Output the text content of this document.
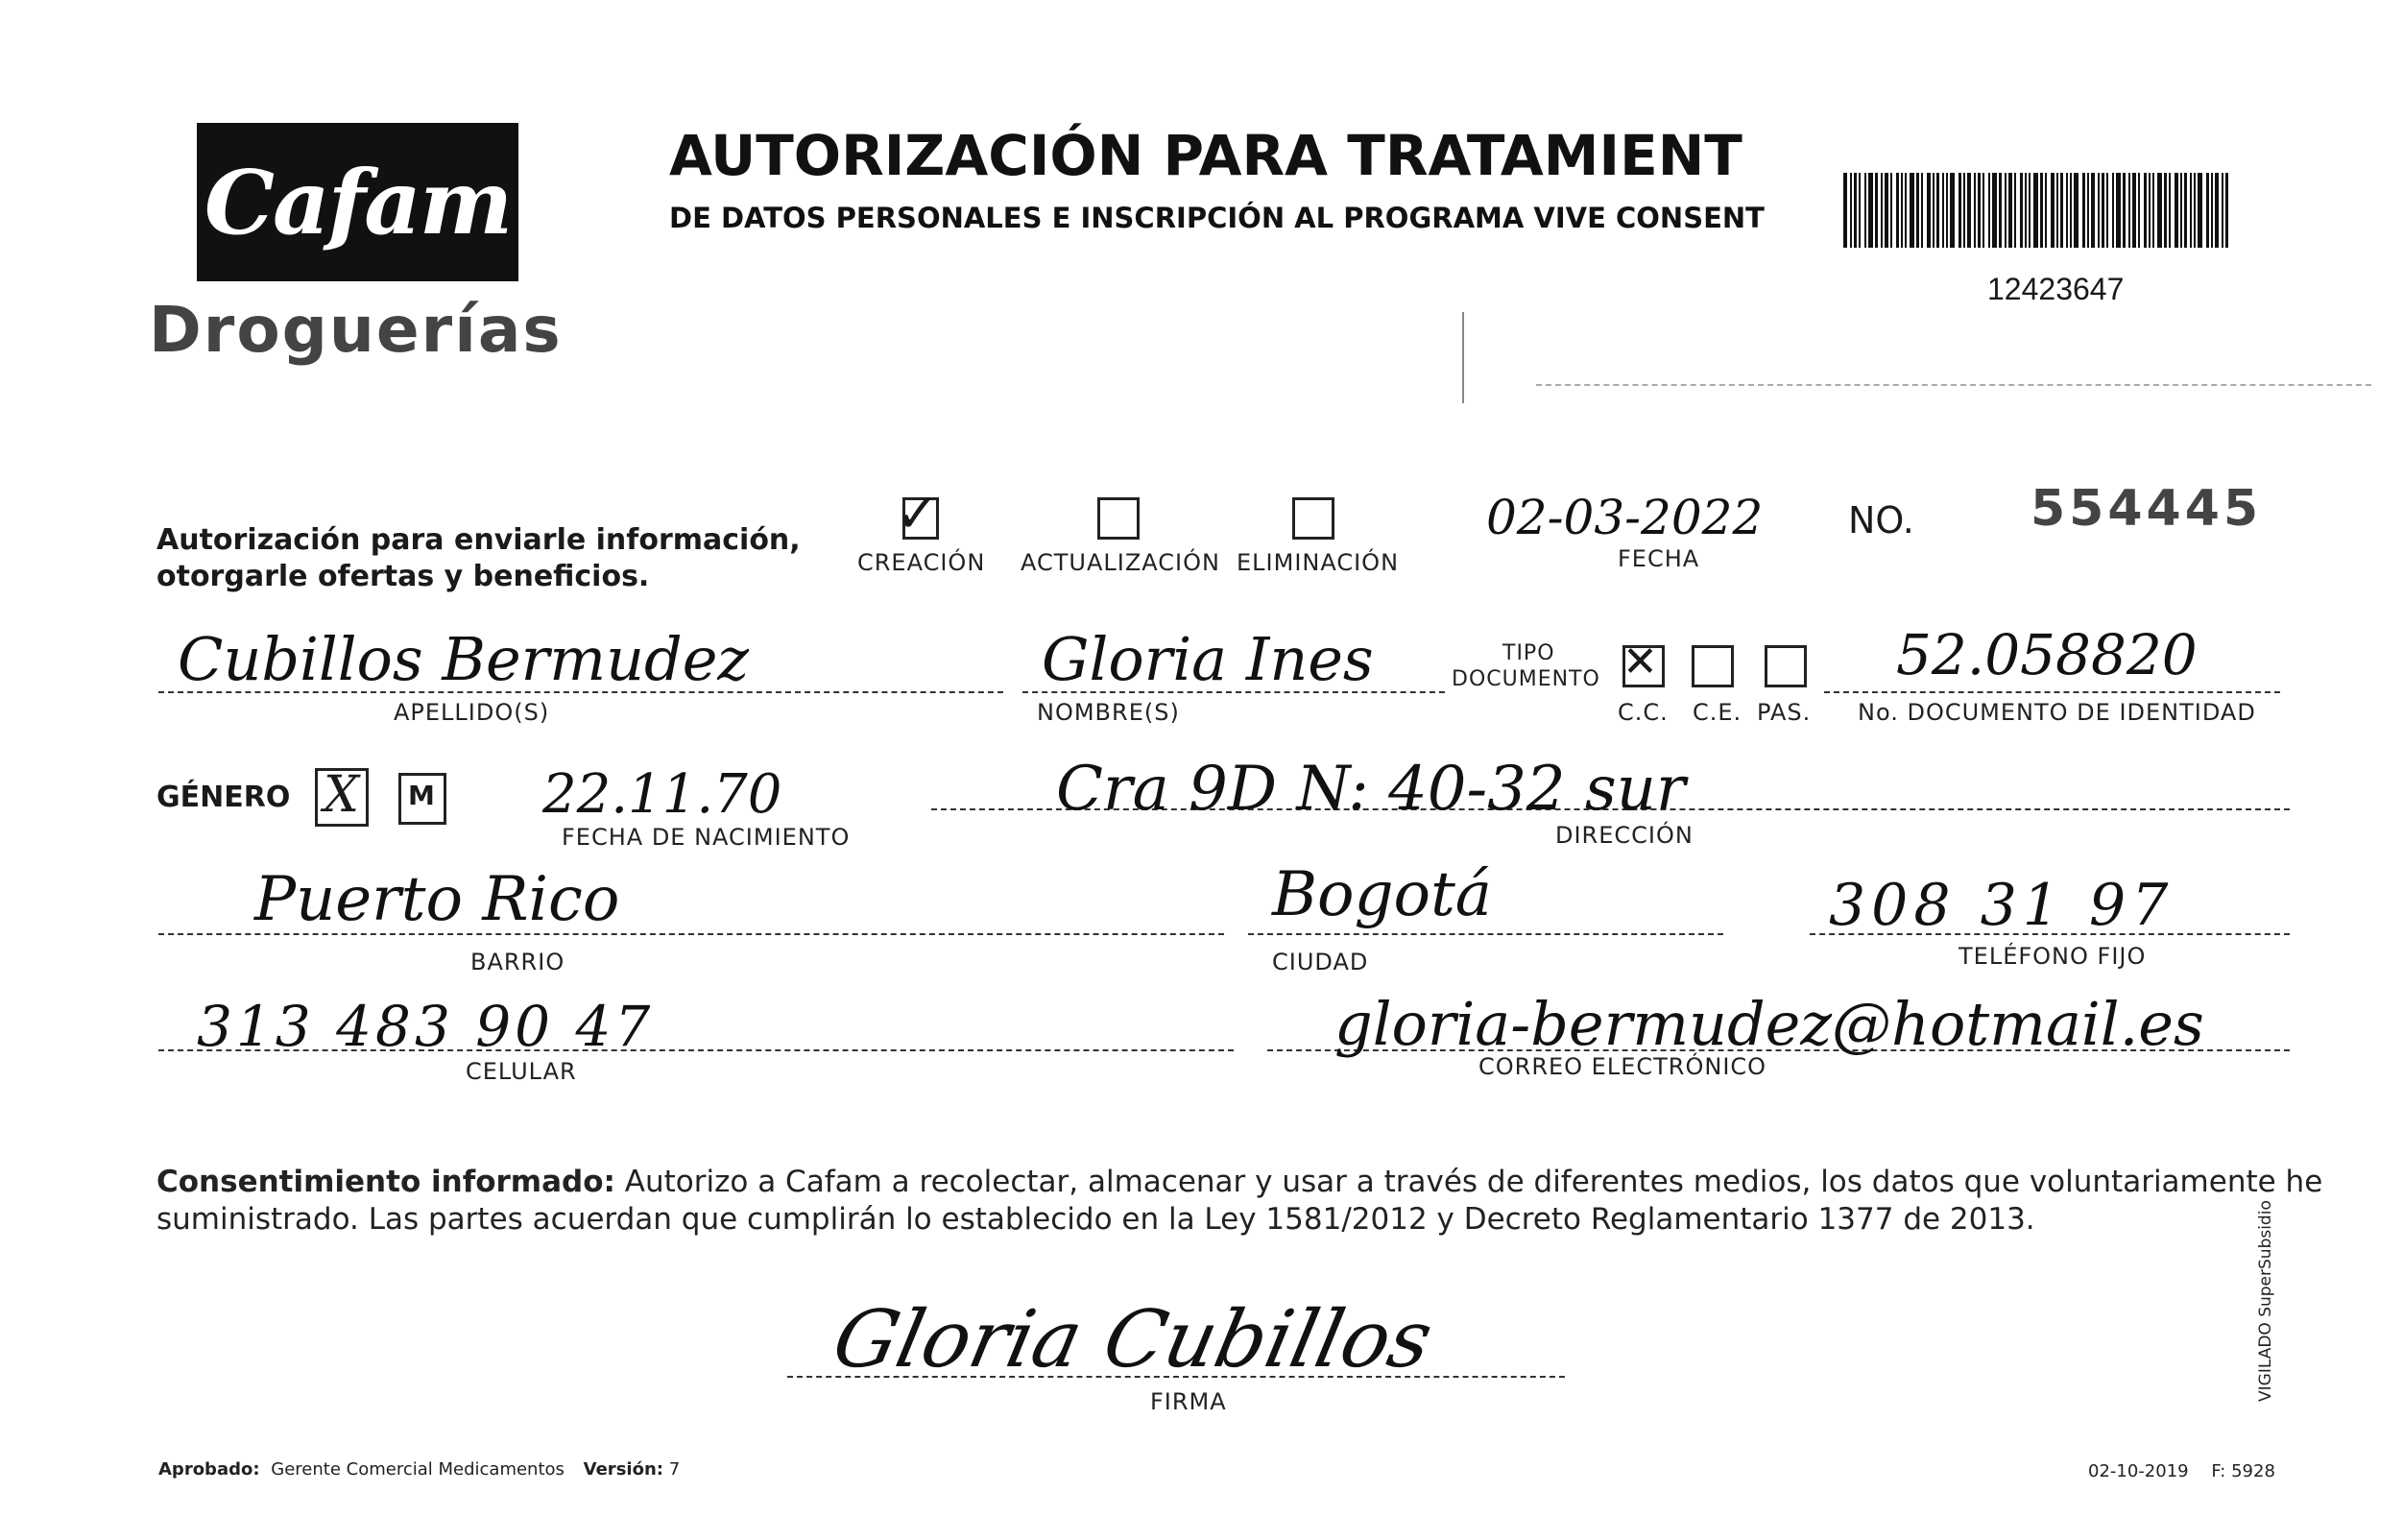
Cafam
Droguerías
AUTORIZACIÓN PARA TRATAMIENT
DE DATOS PERSONALES E INSCRIPCIÓN AL PROGRAMA VIVE CONSENT
12423647
Autorización para enviarle información,
otorgarle ofertas y beneficios.
✓
CREACIÓN ACTUALIZACIÓN ELIMINACIÓN
02-03-2022
FECHA
NO. 554445
Cubillos Bermudez
APELLIDO(S)
Gloria Ines
NOMBRE(S)
TIPO
DOCUMENTO ✕
C.C. C.E. PAS.
52.058820
No. DOCUMENTO DE IDENTIDAD
GÉNERO X M 22.11.70
FECHA DE NACIMIENTO
Cra 9D N: 40-32 sur
DIRECCIÓN
Puerto Rico
BARRIO
Bogotá
CIUDAD
308 31 97
TELÉFONO FIJO
313 483 90 47
CELULAR
gloria-bermudez@hotmail.es
CORREO ELECTRÓNICO
Consentimiento informado: Autorizo a Cafam a recolectar, almacenar y usar a través de diferentes medios, los datos que voluntariamente he
suministrado. Las partes acuerdan que cumplirán lo establecido en la Ley 1581/2012 y Decreto Reglamentario 1377 de 2013.
Gloria Cubillos
FIRMA
Aprobado: Gerente Comercial Medicamentos Versión: 7	02-10-2019 F: 5928
VIGILADO SuperSubsidio
